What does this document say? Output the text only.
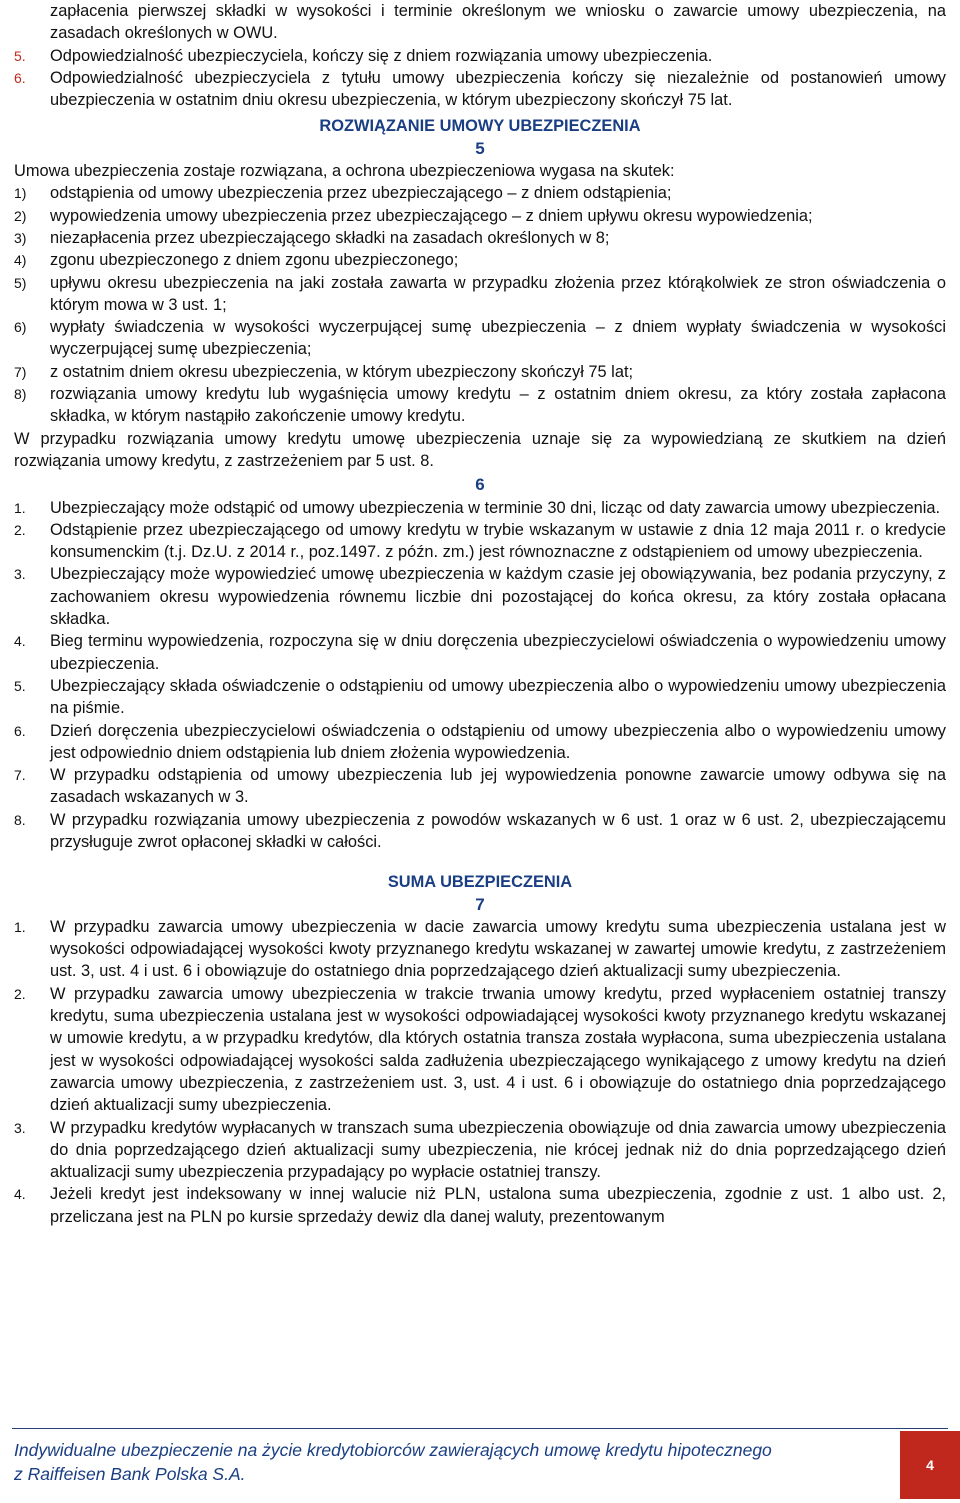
zapłacenia pierwszej składki w wysokości i terminie określonym we wniosku o zawarcie umowy ubezpieczenia, na zasadach określonych w OWU.

5.	Odpowiedzialność ubezpieczyciela, kończy się z dniem rozwiązania umowy ubezpieczenia.

6.	Odpowiedzialność ubezpieczyciela z tytułu umowy ubezpieczenia kończy się niezależnie od postanowień umowy ubezpieczenia w ostatnim dniu okresu ubezpieczenia, w którym ubezpieczony skończył 75 lat.

ROZWIĄZANIE UMOWY UBEZPIECZENIA

5

Umowa ubezpieczenia zostaje rozwiązana, a ochrona ubezpieczeniowa wygasa na skutek:

1)	odstąpienia od umowy ubezpieczenia przez ubezpieczającego – z dniem odstąpienia;

2)	wypowiedzenia umowy ubezpieczenia przez ubezpieczającego – z dniem upływu okresu wypowiedzenia;

3)	niezapłacenia przez ubezpieczającego składki na zasadach określonych w 8;

4)	zgonu ubezpieczonego z dniem zgonu ubezpieczonego;

5)	upływu okresu ubezpieczenia na jaki została zawarta w przypadku złożenia przez którąkolwiek ze stron oświadczenia o którym mowa w 3 ust. 1;

6)	wypłaty świadczenia w wysokości wyczerpującej sumę ubezpieczenia – z dniem wypłaty świadczenia w wysokości wyczerpującej sumę ubezpieczenia;

7)	z ostatnim dniem okresu ubezpieczenia, w którym ubezpieczony skończył 75 lat;

8)	rozwiązania umowy kredytu lub wygaśnięcia umowy kredytu – z ostatnim dniem okresu, za który została zapłacona składka, w którym nastąpiło zakończenie umowy kredytu.

W przypadku rozwiązania umowy kredytu umowę ubezpieczenia uznaje się za wypowiedzianą ze skutkiem na dzień rozwiązania umowy kredytu, z zastrzeżeniem par 5 ust. 8.

6

1.	Ubezpieczający może odstąpić od umowy ubezpieczenia w terminie 30 dni, licząc od daty zawarcia umowy ubezpieczenia.

2.	Odstąpienie przez ubezpieczającego od umowy kredytu w trybie wskazanym w ustawie z dnia 12 maja 2011 r. o kredycie konsumenckim (t.j. Dz.U. z 2014 r., poz.1497. z późn. zm.) jest równoznaczne z odstąpieniem od umowy ubezpieczenia.

3.	Ubezpieczający może wypowiedzieć umowę ubezpieczenia w każdym czasie jej obowiązywania, bez podania przyczyny, z zachowaniem okresu wypowiedzenia równemu liczbie dni pozostającej do końca okresu, za który została opłacana składka.

4.	Bieg terminu wypowiedzenia, rozpoczyna się w dniu doręczenia ubezpieczycielowi oświadczenia o wypowiedzeniu umowy ubezpieczenia.

5.	Ubezpieczający składa oświadczenie o odstąpieniu od umowy ubezpieczenia albo o wypowiedzeniu umowy ubezpieczenia na piśmie.

6.	Dzień doręczenia ubezpieczycielowi oświadczenia o odstąpieniu od umowy ubezpieczenia albo o wypowiedzeniu umowy jest odpowiednio dniem odstąpienia lub dniem złożenia wypowiedzenia.

7.	W przypadku odstąpienia od umowy ubezpieczenia lub jej wypowiedzenia ponowne zawarcie umowy odbywa się na zasadach wskazanych w 3.

8.	W przypadku rozwiązania umowy ubezpieczenia z powodów wskazanych w 6 ust. 1 oraz w 6 ust. 2, ubezpieczającemu przysługuje zwrot opłaconej składki w całości.

SUMA UBEZPIECZENIA

7

1.	W przypadku zawarcia umowy ubezpieczenia w dacie zawarcia umowy kredytu suma ubezpieczenia ustalana jest w wysokości odpowiadającej wysokości kwoty przyznanego kredytu wskazanej w zawartej umowie kredytu, z zastrzeżeniem ust. 3, ust. 4 i ust. 6 i obowiązuje do ostatniego dnia poprzedzającego dzień aktualizacji sumy ubezpieczenia.

2.	W przypadku zawarcia umowy ubezpieczenia w trakcie trwania umowy kredytu, przed wypłaceniem ostatniej transzy kredytu, suma ubezpieczenia ustalana jest w wysokości odpowiadającej wysokości kwoty przyznanego kredytu wskazanej w umowie kredytu, a w przypadku kredytów, dla których ostatnia transza została wypłacona, suma ubezpieczenia ustalana jest w wysokości odpowiadającej wysokości salda zadłużenia ubezpieczającego wynikającego z umowy kredytu na dzień zawarcia umowy ubezpieczenia, z zastrzeżeniem ust. 3, ust. 4 i ust. 6 i obowiązuje do ostatniego dnia poprzedzającego dzień aktualizacji sumy ubezpieczenia.

3.	W przypadku kredytów wypłacanych w transzach suma ubezpieczenia obowiązuje od dnia zawarcia umowy ubezpieczenia do dnia poprzedzającego dzień aktualizacji sumy ubezpieczenia, nie krócej jednak niż do dnia poprzedzającego dzień aktualizacji sumy ubezpieczenia przypadający po wypłacie ostatniej transzy.

4.	Jeżeli kredyt jest indeksowany w innej walucie niż PLN, ustalona suma ubezpieczenia, zgodnie z ust. 1 albo ust. 2, przeliczana jest na PLN po kursie sprzedaży dewiz dla danej waluty, prezentowanym

Indywidualne ubezpieczenie na życie kredytobiorców zawierających umowę kredytu hipotecznego
z Raiffeisen Bank Polska S.A.	4
